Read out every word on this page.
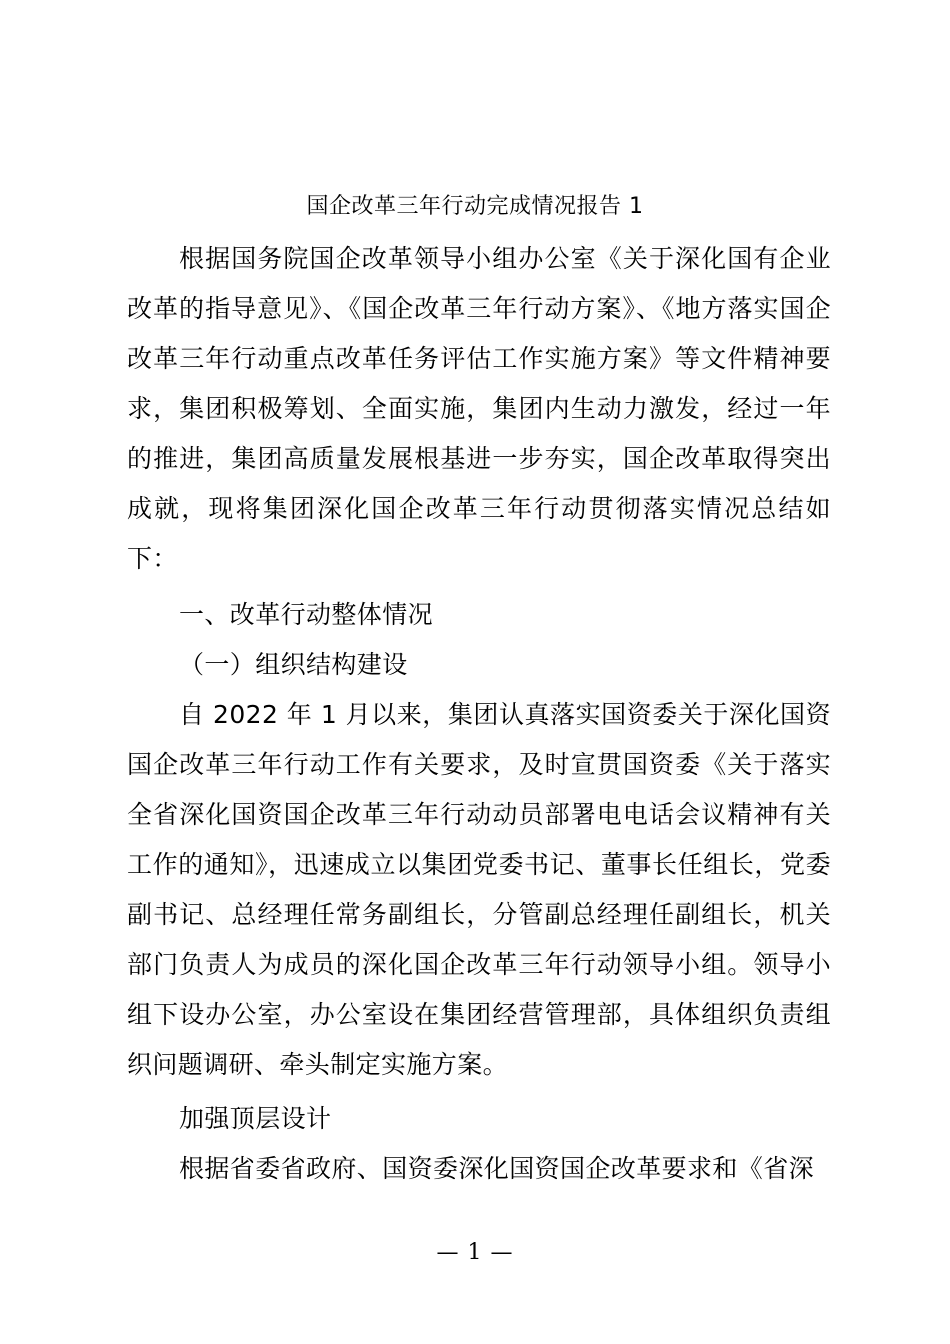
国企改革三年行动完成情况报告 1

根据国务院国企改革领导小组办公室《关于深化国有企业改革的指导意见》、《国企改革三年行动方案》、《地方落实国企改革三年行动重点改革任务评估工作实施方案》等文件精神要求，集团积极筹划、全面实施，集团内生动力激发，经过一年的推进，集团高质量发展根基进一步夯实，国企改革取得突出成就，现将集团深化国企改革三年行动贯彻落实情况总结如下：

一、改革行动整体情况

（一）组织结构建设

自 2022 年 1 月以来，集团认真落实国资委关于深化国资国企改革三年行动工作有关要求，及时宣贯国资委《关于落实全省深化国资国企改革三年行动动员部署电电话会议精神有关工作的通知》，迅速成立以集团党委书记、董事长任组长，党委副书记、总经理任常务副组长，分管副总经理任副组长，机关部门负责人为成员的深化国企改革三年行动领导小组。领导小组下设办公室，办公室设在集团经营管理部，具体组织负责组织问题调研、牵头制定实施方案。

加强顶层设计

根据省委省政府、国资委深化国资国企改革要求和《省深

— 1 —
